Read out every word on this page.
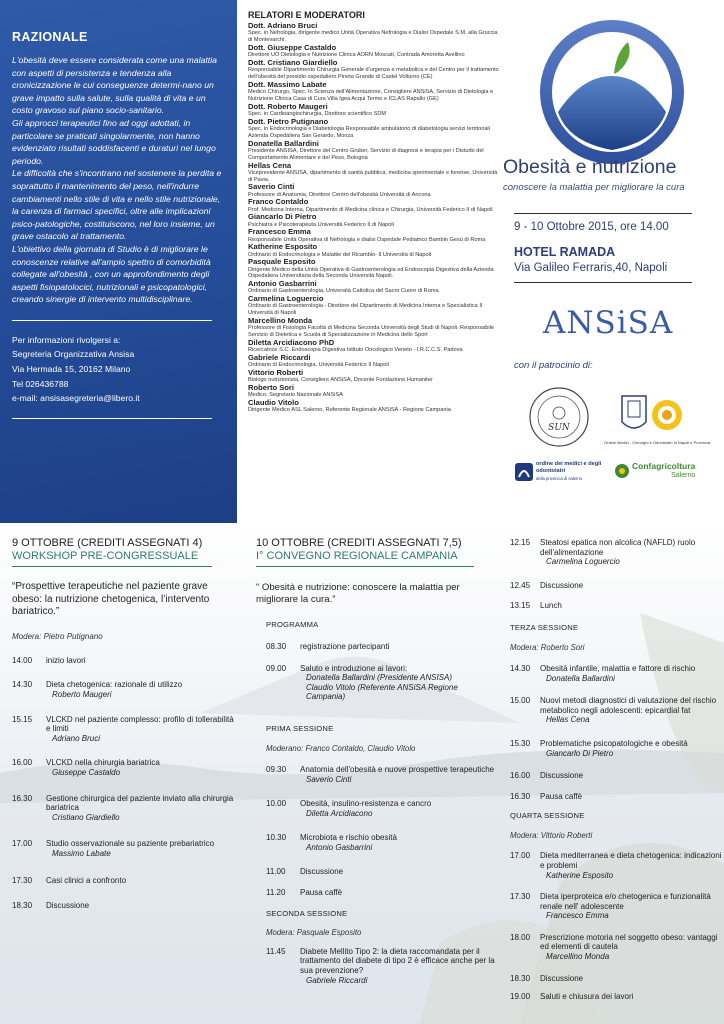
RAZIONALE

L'obesità deve essere considerata come una malattia con aspetti di persistenza e tendenza alla cronicizzazione le cui conseguenze determi-nano un grave impatto sulla salute, sulla qualità di vita e un costo gravoso sul piano socio-sanitario.

Gli approcci terapeutici fino ad oggi adottati, in particolare se praticati singolarmente, non hanno evidenziato risultati soddisfacenti e duraturi nel lungo periodo.

Le difficoltà che s'incontrano nel sostenere la perdita e soprattutto il mantenimento del peso, nell'indurre cambiamenti nello stile di vita e nello stile nutrizionale, la carenza di farmaci specifici, oltre alle implicazioni psico-patologiche, costituiscono, nel loro insieme, un grave ostacolo al trattamento.

L'obiettivo della giornata di Studio è di migliorare le conoscenze relative all'ampio spettro di comorbidità collegate all'obesità , con un approfondimento degli aspetti fisiopatolocici, nutrizionali e psicopatologici, creando sinergie di intervento multidisciplinare.

Per informazioni rivolgersi a:
Segreteria Organizzativa Ansisa
Via Hermada 15, 20162 Milano
Tel 026436788
e-mail: ansisasegreteria@libero.it
RELATORI E MODERATORI
Dott. Adriano Bruci
Spec. in Nefrologia, dirigente medico Unità Operativa Nefrologia e Dialisi Ospedale S.M. alla Gruccia di Montevarchi.
Dott. Giuseppe Castaldo
Direttore UO Dietologia e Nutrizione Clinica AORN Moscati, Contrada Amoretta Avellino
Dott. Cristiano Giardiello
Responsabile Dipartimento Chirurgia Generale d'urgenza e metabolica e del Centro per il trattamento dell'obesità del presidio ospedaliero Pineta Grande di Castel Volturno (CE)
Dott. Massimo Labate
Medico Chirurgo, Spec. In Scienza dell'Alimentazione, Consigliere ANSiSA, Servizio di Dietologia e Nutrizione Clinica Casa di Cura Villa Igea Acqui Terme e ICLAS Rapallo (GE)
Dott. Roberto Maugeri
Spec. in Cardioangiochirurgia, Direttore scientifico SDM
Dott. Pietro Putignano
Spec. in Endocrinologia e Diabetologia Responsabile ambulatorio di diabetologia servizi territoriali Azienda Ospedaliera San Gerardo, Monza
Donatella Ballardini
Presidente ANSISA, Direttore del Centro Gruber, Servizio di diagnosi e terapia per i Disturbi del Comportamento Alimentare e del Peso, Bologna
Hellas Cena
Vicepresidente ANSISA, dipartimento di sanità pubblica, medicina sperimentale e forense, Università di Pavia.
Saverio Cinti
Professore di Anatomia, Direttore Centro dell'obesità Università di Ancona
Franco Contaldo
Prof. Medicina Interna, Dipartimento di Medicina clinica e Chirurgia, Università Federico II di Napoli
Giancarlo Di Pietro
Psichiatra e Psicoterapeuta Università Federico II di Napoli
Francesco Emma
Responsabile Unità Operativa di Nefrologia e dialisi Ospedale Pediatrico Bambin Gesù di Roma
Katherine Esposito
Ordinario di Endocrinologia e Malattie del Ricambio- Il Università di Napoli
Pasquale Esposito
Dirigente Medico della Unità Operativa di Gastroenterologia ed Endoscopia Digestiva della Azienda Ospedaliera Universitaria della Seconda Università Napoli.
Antonio Gasbarrini
Ordinario di Gastroenterologia, Università Cattolica del Sacro Cuore di Roma
Carmelina Loguercio
Ordinario di Gastroenterologia - Direttore del Dipartimento di Medicina Interna e Specialistica Il Università di Napoli
Marcellino Monda
Professore di Fisiologia Facoltà di Medicina Seconda Università degli Studi di Napoli. Responsabile Servizio di Dietetica e Scuola di Specializzazione in Medicina dello Sport
Diletta Arcidiacono PhD
Ricercatrice S.C. Endoscopia Digestiva Istituto Oncologico Veneto - I.R.C.C.S. Padova
Gabriele Riccardi
Ordinario di Endocrinologia, Università Federico II Napoli
Vittorio Roberti
Biologo nutrizionista, Consigliere ANSiSA, Docente Fondazione Humaniter
Roberto Sori
Medico, Segretario Nazionale ANSiSA
Claudio Vitolo
Dirigente Medico ASL Salerno, Referente Regionale ANSiSA - Regione Campania
Obesità e nutrizione
conoscere la malattia per migliorare la cura
9 - 10 Ottobre 2015, ore 14.00
HOTEL RAMADA
Via Galileo Ferraris,40, Napoli
ANSiSA
con il patrocinio di:
SUN
Ordine Medici - Chirurghi e Odontoiatri di Napoli e Provincia
ordine dei medici e degli odontoiatri
della provincia di salerno
Confagricoltura
Salerno
9 OTTOBRE (CREDITI ASSEGNATI 4)
WORKSHOP PRE-CONGRESSUALE
“Prospettive terapeutiche nel paziente grave obeso: la nutrizione chetogenica, l’intervento bariatrico.”
Modera: Pietro Putignano
14.00	inizio lavori
14.30	Dieta chetogenica: razionale di utilizzo
Roberto Maugeri
15.15	VLCKD nel paziente complesso: profilo di tollerabilità e limiti
Adriano Bruci
16.00	VLCKD nella chirurgia bariatrica
Giuseppe Castaldo
16.30	Gestione chirurgica del paziente inviato alla chirurgia bariatrica
Cristiano Giardiello
17.00	Studio osservazionale su paziente prebariatrico
Massimo Labate
17.30	Casi clinici a confronto
18.30	Discussione
10 OTTOBRE (CREDITI ASSEGNATI 7,5)
I° CONVEGNO REGIONALE CAMPANIA
“ Obesità e nutrizione: conoscere la malattia per migliorare la cura.”
PROGRAMMA
08.30	registrazione partecipanti
09.00	Saluto e introduzione ai lavori:
Donatella Ballardini (Presidente ANSISA)
Claudio Vitolo (Referente ANSiSA Regione Campania)
PRIMA SESSIONE
Moderano: Franco Contaldo, Claudio Vitolo
09.30	Anatomia dell'obesità e nuove prospettive terapeutiche
Saverio Cinti
10.00	Obesità, insulino-resistenza e cancro
Diletta Arcidiacono
10.30	Microbiota e rischio obesità
Antonio Gasbarrini
11.00	Discussione
11.20	Pausa caffè
SECONDA SESSIONE
Modera: Pasquale Esposito
11.45	Diabete Mellito Tipo 2: la dieta raccomandata per il trattamento del diabete di tipo 2 è efficace anche per la sua prevenzione?
Gabriele Riccardi
12.15	Steatosi epatica non alcolica (NAFLD) ruolo dell'alimentazione
Carmelina Loguercio
12.45	Discussione
13.15	Lunch
TERZA SESSIONE
Modera: Roberto Sori
14.30	Obesità infantile, malattia e fattore di rischio
Donatella Ballardini
15.00	Nuovi metodi diagnostici di valutazione del rischio metabolico negli adolescenti: epicardial fat
Hellas Cena
15.30	Problematiche psicopatologiche e obesità
Giancarlo Di Pietro
16.00	Discussione
16.30	Pausa caffè
QUARTA SESSIONE
Modera: Vittorio Roberti
17.00	Dieta mediterranea e dieta chetogenica: indicazioni e problemi
Katherine Esposito
17.30	Dieta iperproteica e/o chetogenica e funzionalità renale nell' adolescente
Francesco Emma
18.00	Prescrizione motoria nel soggetto obeso: vantaggi ed elementi di cautela
Marcellino Monda
18.30	Discussione
19.00	Saluti e chiusura dei lavori
